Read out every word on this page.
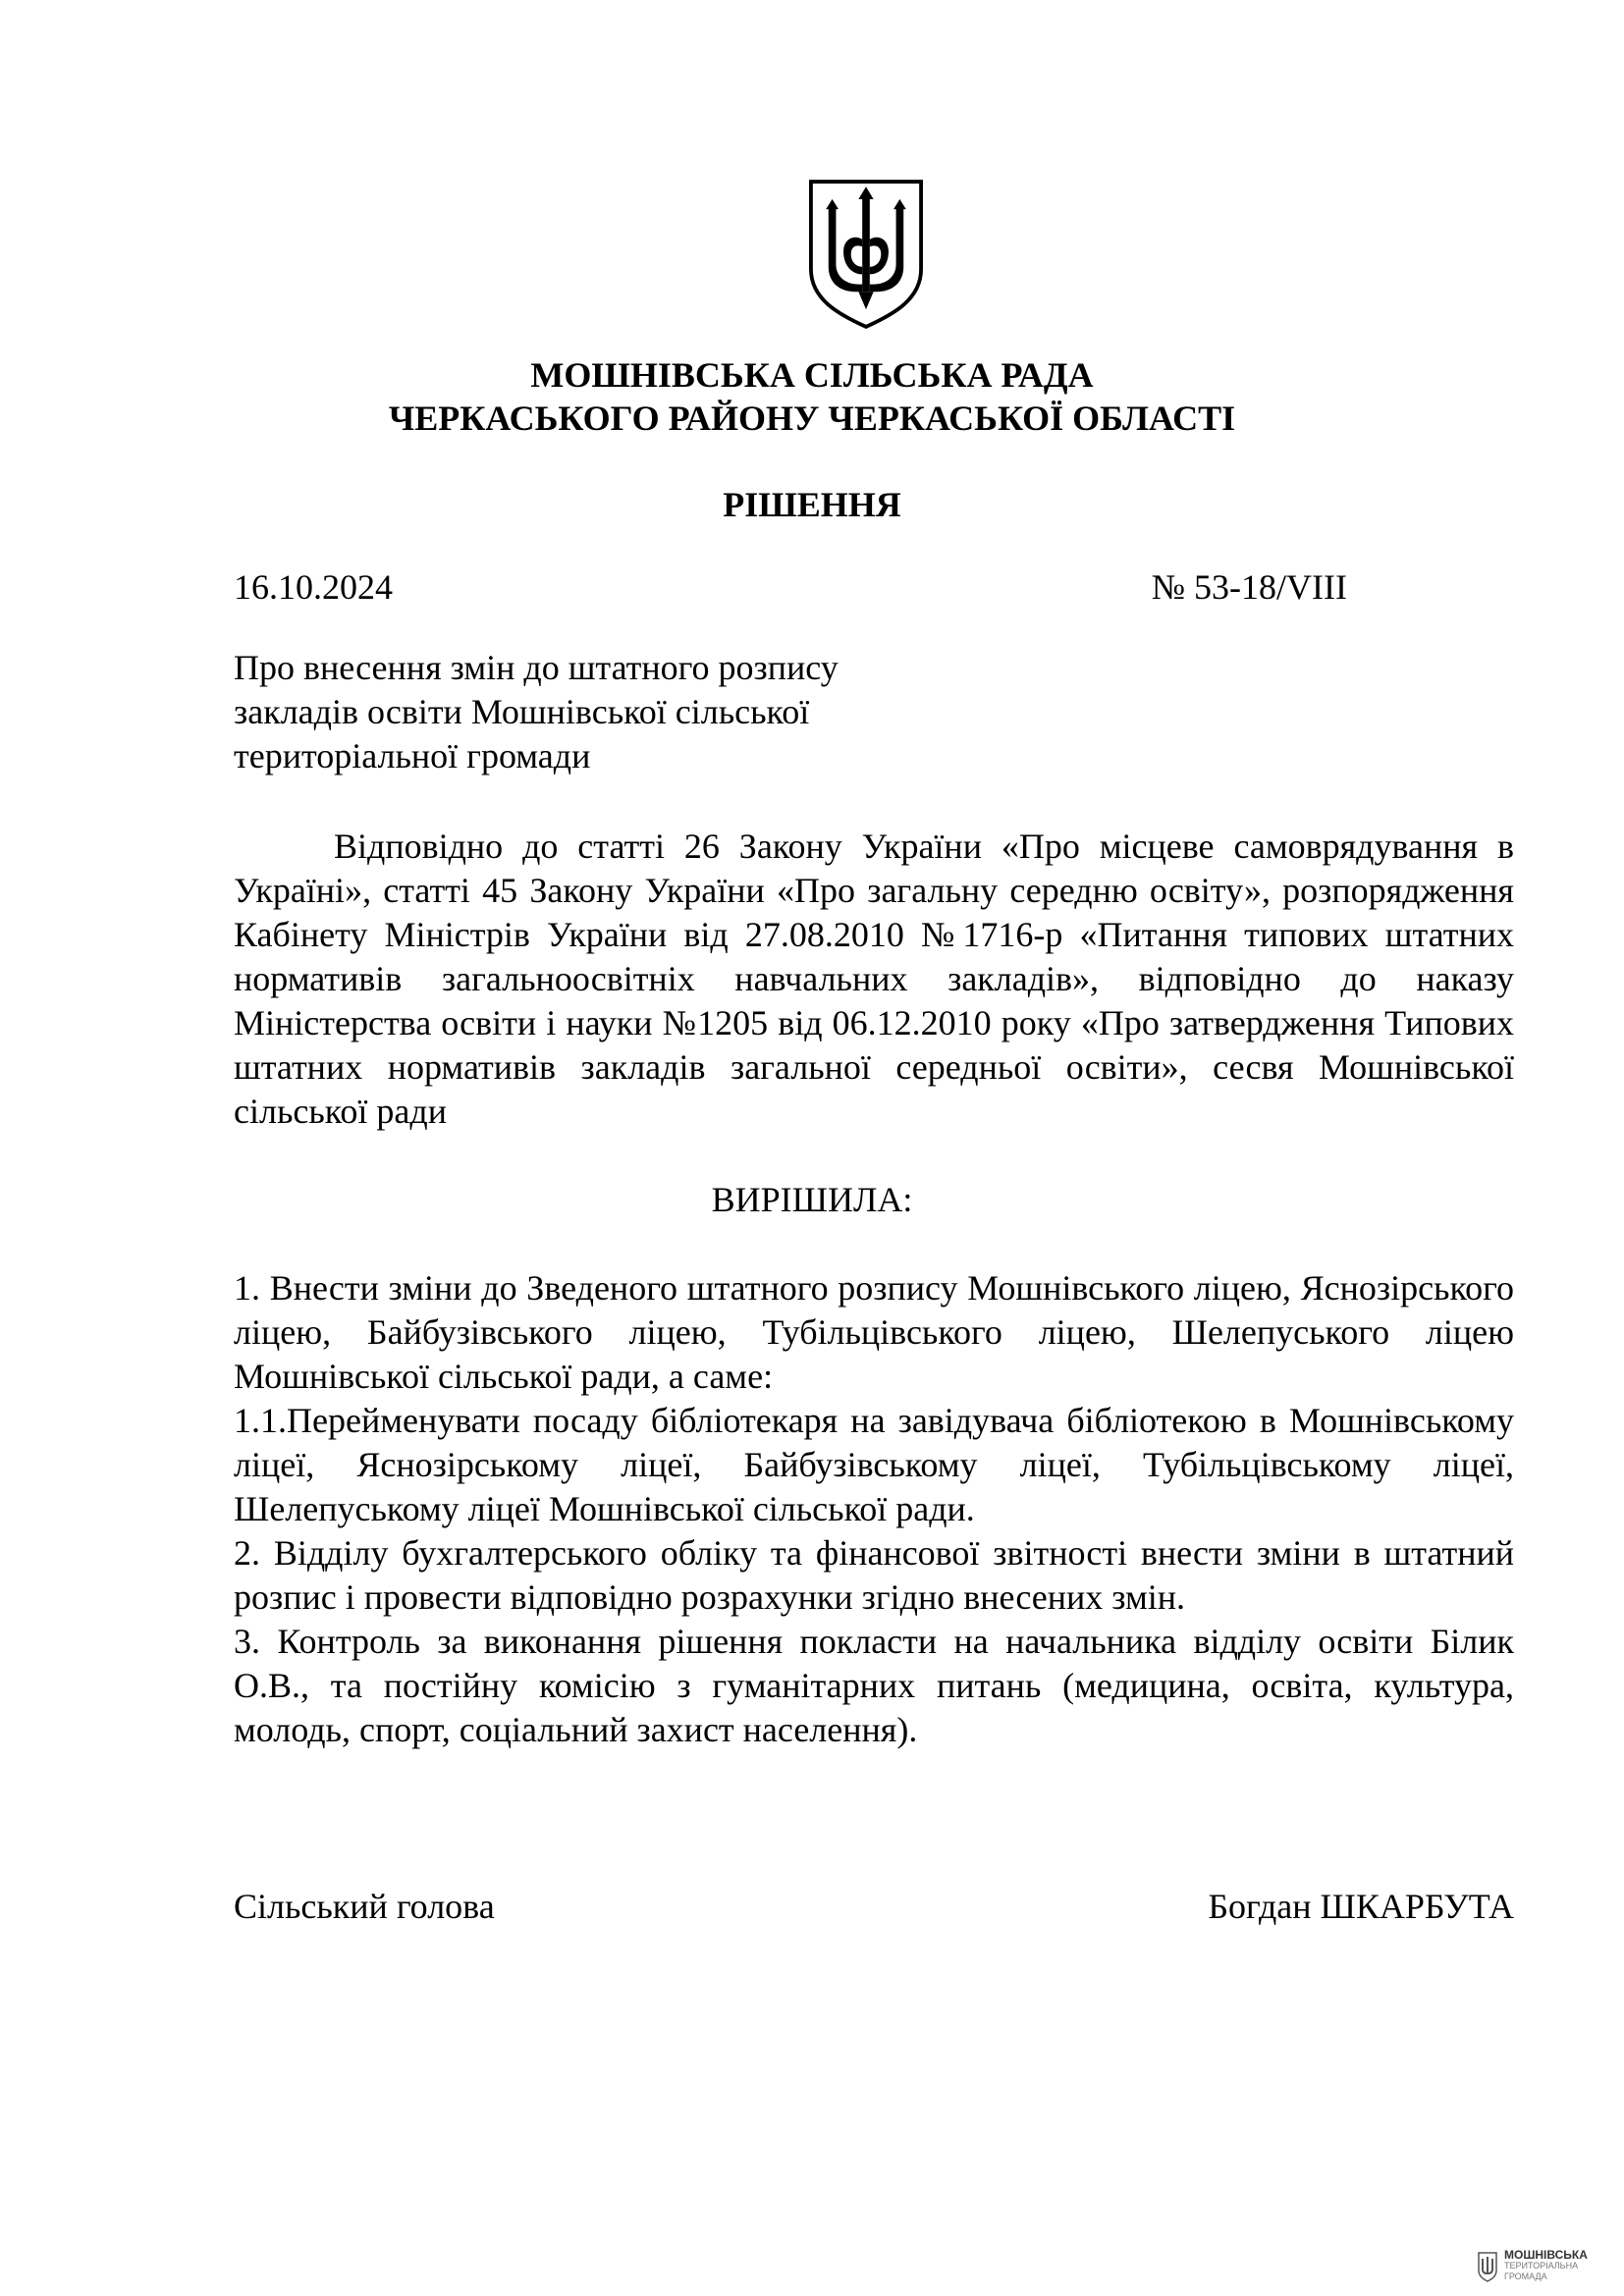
МОШНІВСЬКА СІЛЬСЬКА РАДА
ЧЕРКАСЬКОГО РАЙОНУ ЧЕРКАСЬКОЇ ОБЛАСТІ
РІШЕННЯ
16.10.2024	№ 53-18/VIII
Про внесення змін до штатного розпису
закладів освіти Мошнівської сільської
територіальної громади

Відповідно до статті 26 Закону України «Про місцеве самоврядування в Україні», статті 45 Закону України «Про загальну середню освіту», розпорядження Кабінету Міністрів України від 27.08.2010 №1716-р «Питання типових штатних нормативів загальноосвітніх навчальних закладів», відповідно до наказу Міністерства освіти і науки №1205 від 06.12.2010 року «Про затвердження Типових штатних нормативів закладів загальної середньої освіти», сесвя Мошнівської сільської ради

ВИРІШИЛА:

1. Внести зміни до Зведеного штатного розпису Мошнівського ліцею, Яснозірського ліцею, Байбузівського ліцею, Тубільцівського ліцею, Шелепуського ліцею Мошнівської сільської ради, а саме:

1.1.Перейменувати посаду бібліотекаря на завідувача бібліотекою в Мошнівському ліцеї, Яснозірському ліцеї, Байбузівському ліцеї, Тубільцівському ліцеї, Шелепуському ліцеї Мошнівської сільської ради.

2. Відділу бухгалтерського обліку та фінансової звітності внести зміни в штатний розпис і провести відповідно розрахунки згідно внесених змін.

3. Контроль за виконання рішення покласти на начальника відділу освіти Білик О.В., та постійну комісію з гуманітарних питань (медицина, освіта, культура, молодь, спорт, соціальний захист населення).

Сільський голова	Богдан ШКАРБУТА
МОШНІВСЬКА
ТЕРИТОРІАЛЬНА
ГРОМАДА
